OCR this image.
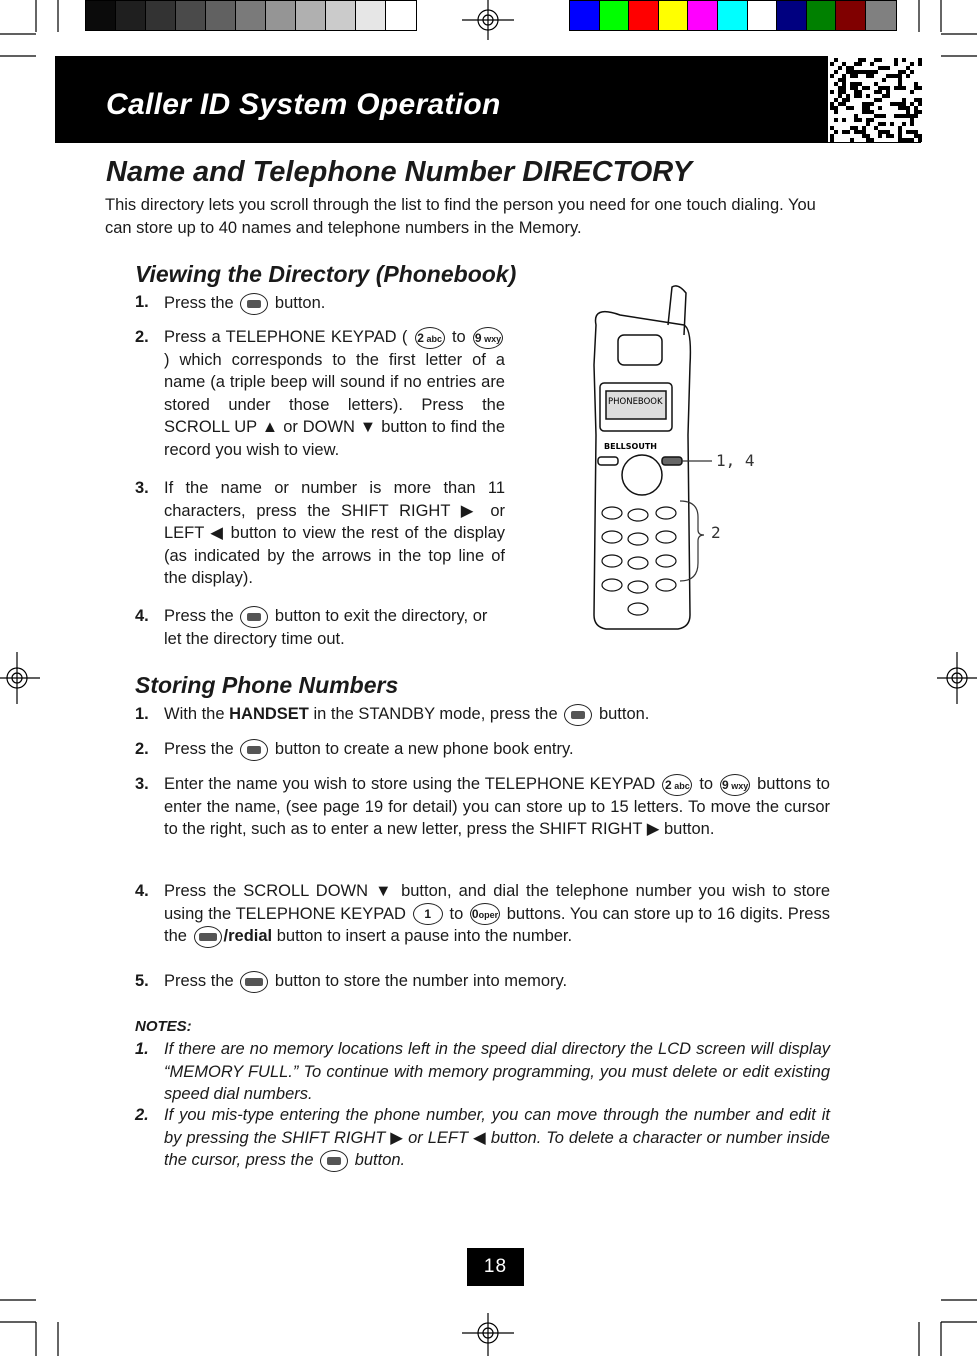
Caller ID System Operation
Name and Telephone Number DIRECTORY
This directory lets you scroll through the list to find the person you need for one touch dialing. You can store up to 40 names and telephone numbers in the Memory.
Viewing the Directory (Phonebook)
1. Press the button.
2. Press a TELEPHONE KEYPAD ( 2 abc to 9 wxy) which corresponds to the first letter of a name (a triple beep will sound if no entries are stored under those letters). Press the SCROLL UP ▲ or DOWN ▼ button to find the record you wish to view.
3. If the name or number is more than 11 characters, press the SHIFT RIGHT ▶ or LEFT ◀ button to view the rest of the display (as indicated by the arrows in the top line of the display).
4. Press the button to exit the directory, or let the directory time out.
PHONEBOOK
BELLSOUTH
1, 4
2
Storing Phone Numbers
1. With the HANDSET in the STANDBY mode, press the button.
2. Press the button to create a new phone book entry.
3. Enter the name you wish to store using the TELEPHONE KEYPAD 2 abc to 9 wxy buttons to enter the name, (see page 19 for detail) you can store up to 15 letters. To move the cursor to the right, such as to enter a new letter, press the SHIFT RIGHT ▶ button.
4. Press the SCROLL DOWN ▼ button, and dial the telephone number you wish to store using the TELEPHONE KEYPAD 1 to 0oper buttons. You can store up to 16 digits. Press the /redial button to insert a pause into the number.
5. Press the button to store the number into memory.
NOTES:
1. If there are no memory locations left in the speed dial directory the LCD screen will display “MEMORY FULL.” To continue with memory programming, you must delete or edit existing speed dial numbers.
2. If you mis-type entering the phone number, you can move through the number and edit it by pressing the SHIFT RIGHT ▶ or LEFT ◀ button. To delete a character or number inside the cursor, press the button.
18
